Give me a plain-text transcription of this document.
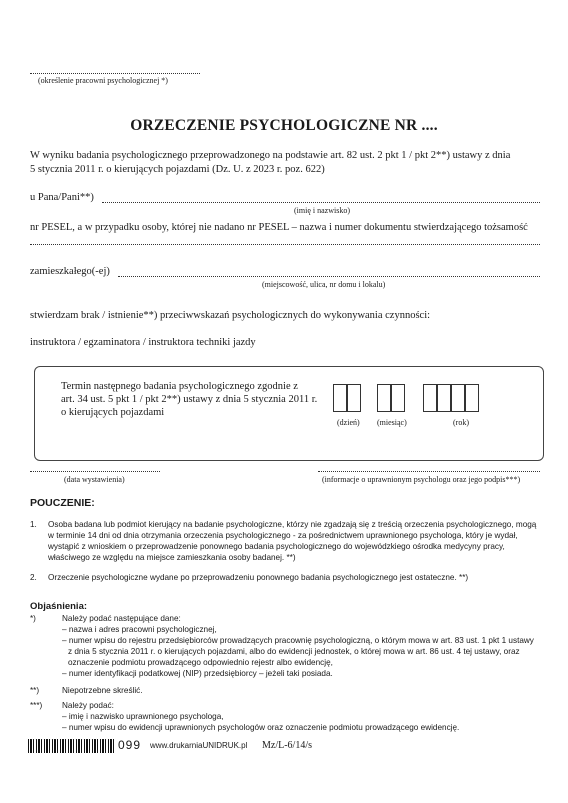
(określenie pracowni psychologicznej *)
ORZECZENIE PSYCHOLOGICZNE NR ....
W wyniku badania psychologicznego przeprowadzonego na podstawie art. 82 ust. 2 pkt 1 / pkt 2**) ustawy z dnia
5 stycznia 2011 r. o kierujących pojazdami (Dz. U. z 2023 r. poz. 622)
u Pana/Pani**)
(imię i nazwisko)
nr PESEL, a w przypadku osoby, której nie nadano nr PESEL – nazwa i numer dokumentu stwierdzającego tożsamość
zamieszkałego(-ej)
(miejscowość, ulica, nr domu i lokalu)
stwierdzam brak / istnienie**) przeciwwskazań psychologicznych do wykonywania czynności:
instruktora / egzaminatora / instruktora techniki jazdy
Termin następnego badania psychologicznego zgodnie z
art. 34 ust. 5 pkt 1 / pkt 2**) ustawy z dnia 5 stycznia 2011 r.
o kierujących pojazdami
(dzień) (miesiąc)	(rok)
(data wystawienia)	(informacje o uprawnionym psychologu oraz jego podpis***)
POUCZENIE:
1. Osoba badana lub podmiot kierujący na badanie psychologiczne, którzy nie zgadzają się z treścią orzeczenia psychologicznego, mogą
w terminie 14 dni od dnia otrzymania orzeczenia psychologicznego - za pośrednictwem uprawnionego psychologa, który je wydał,
wystąpić z wnioskiem o przeprowadzenie ponownego badania psychologicznego do wojewódzkiego ośrodka medycyny pracy,
właściwego ze względu na miejsce zamieszkania osoby badanej. **)
2. Orzeczenie psychologiczne wydane po przeprowadzeniu ponownego badania psychologicznego jest ostateczne. **)
Objaśnienia:
*)	Należy podać następujące dane:
– nazwa i adres pracowni psychologicznej,
– numer wpisu do rejestru przedsiębiorców prowadzących pracownię psychologiczną, o którym mowa w art. 83 ust. 1 pkt 1 ustawy
z dnia 5 stycznia 2011 r. o kierujących pojazdami, albo do ewidencji jednostek, o której mowa w art. 86 ust. 4 tej ustawy, oraz
oznaczenie podmiotu prowadzącego odpowiednio rejestr albo ewidencję,
– numer identyfikacji podatkowej (NIP) przedsiębiorcy – jeżeli taki posiada.
**)	Niepotrzebne skreślić.
***) Należy podać:
– imię i nazwisko uprawnionego psychologa,
– numer wpisu do ewidencji uprawnionych psychologów oraz oznaczenie podmiotu prowadzącego ewidencję.
099 www.drukarniaUNIDRUK.pl Mz/L-6/14/s
